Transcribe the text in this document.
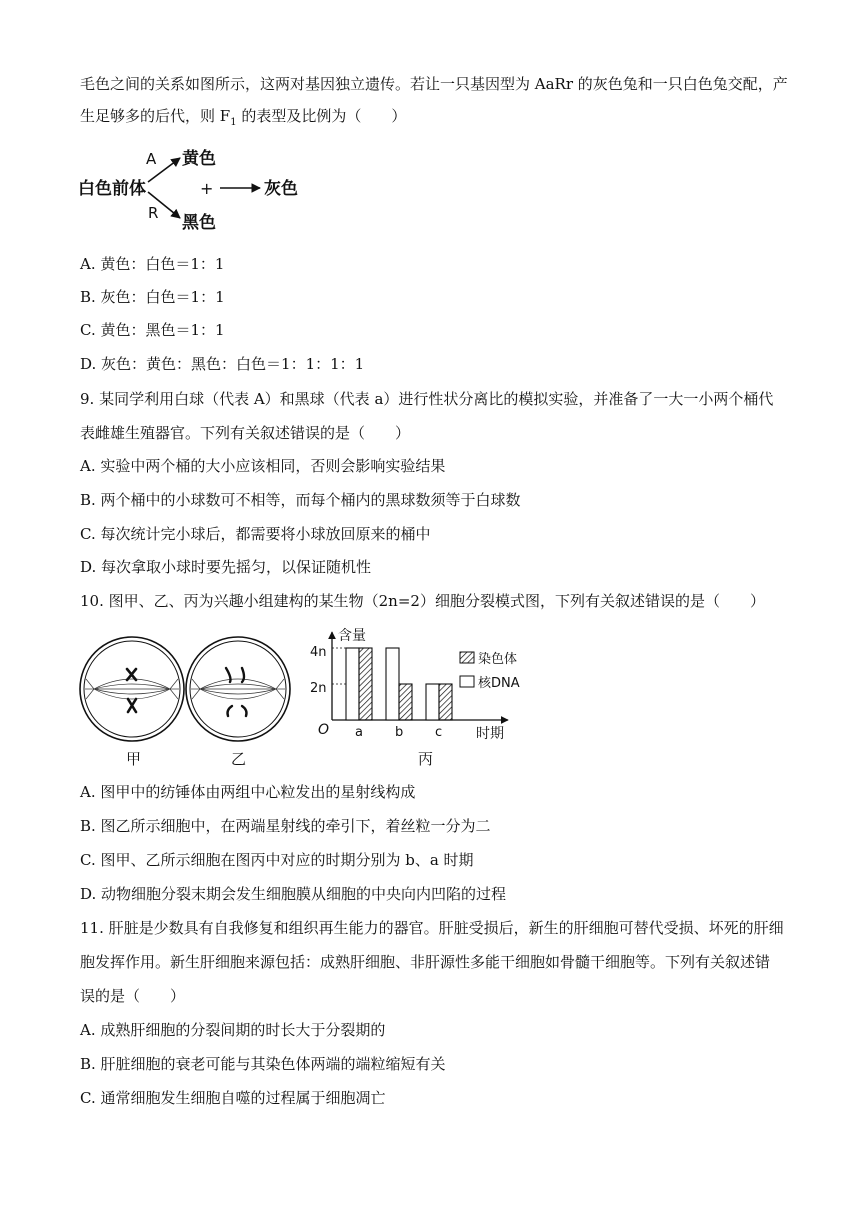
毛色之间的关系如图所示，这两对基因独立遗传。若让一只基因型为 AaRr 的灰色兔和一只白色兔交配，产
生足够多的后代，则 $F_1$ 的表型及比例为（　　）
白色前体
A
R
黄色
黑色
+	灰色
A. 黄色：白色＝1：1
B. 灰色：白色＝1：1
C. 黄色：黑色＝1：1
D. 灰色：黄色：黑色：白色＝1：1：1：1
9. 某同学利用白球（代表 A）和黑球（代表 a）进行性状分离比的模拟实验，并准备了一大一小两个桶代
表雌雄生殖器官。下列有关叙述错误的是（　　）
A. 实验中两个桶的大小应该相同，否则会影响实验结果
B. 两个桶中的小球数可不相等，而每个桶内的黑球数须等于白球数
C. 每次统计完小球后，都需要将小球放回原来的桶中
D. 每次拿取小球时要先摇匀，以保证随机性
10. 图甲、乙、丙为兴趣小组建构的某生物（2n=2）细胞分裂模式图，下列有关叙述错误的是（　　）
甲	乙
含量
4n
2n
O	时期
a b c
染色体
核DNA
丙
A. 图甲中的纺锤体由两组中心粒发出的星射线构成
B. 图乙所示细胞中，在两端星射线的牵引下，着丝粒一分为二
C. 图甲、乙所示细胞在图丙中对应的时期分别为 b、a 时期
D. 动物细胞分裂末期会发生细胞膜从细胞的中央向内凹陷的过程
11. 肝脏是少数具有自我修复和组织再生能力的器官。肝脏受损后，新生的肝细胞可替代受损、坏死的肝细
胞发挥作用。新生肝细胞来源包括：成熟肝细胞、非肝源性多能干细胞如骨髓干细胞等。下列有关叙述错
误的是（　　）
A. 成熟肝细胞的分裂间期的时长大于分裂期的
B. 肝脏细胞的衰老可能与其染色体两端的端粒缩短有关
C. 通常细胞发生细胞自噬的过程属于细胞凋亡
